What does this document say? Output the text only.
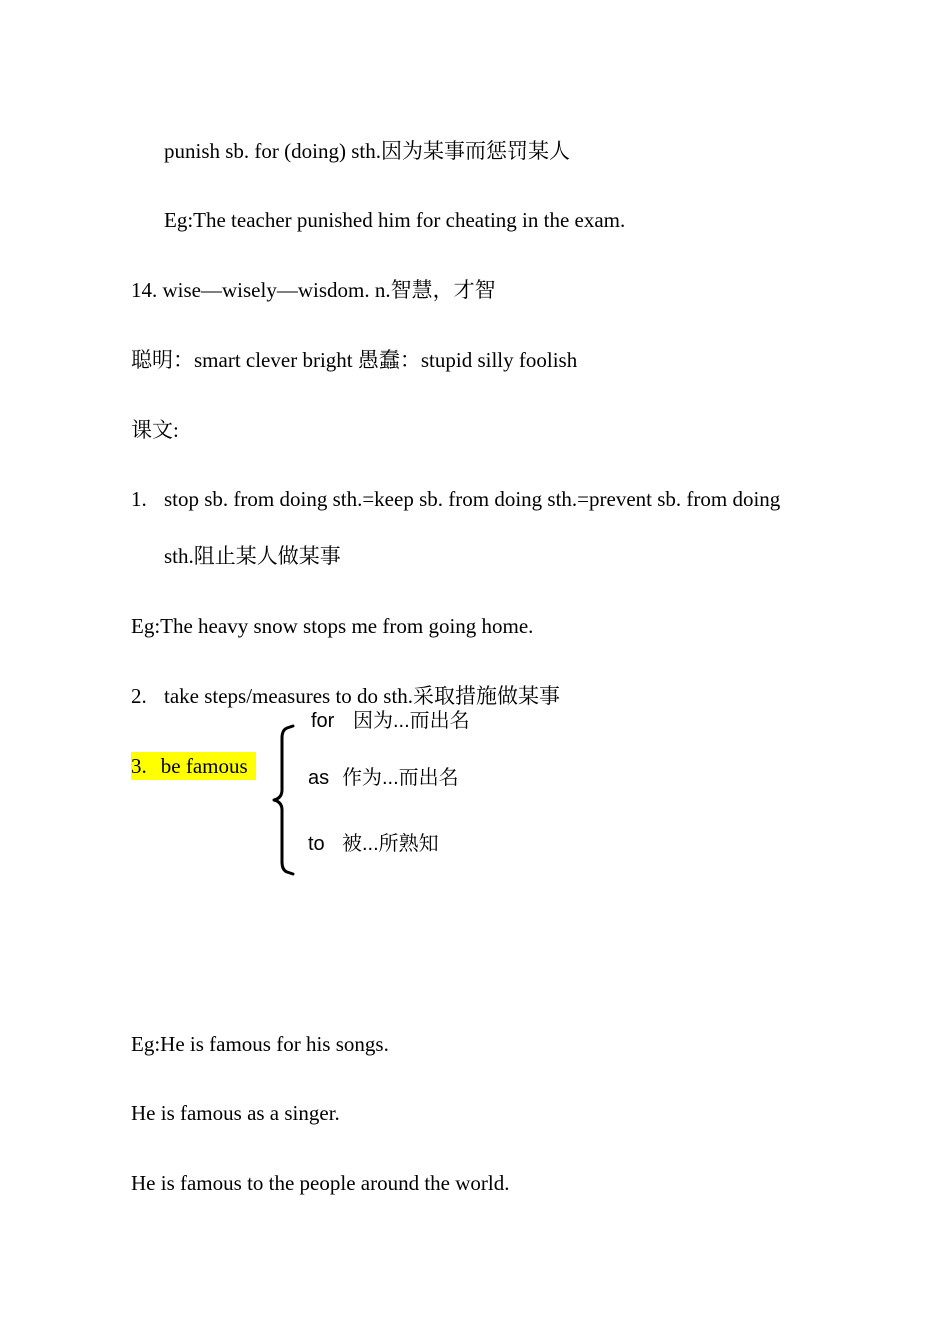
punish sb. for (doing) sth.因为某事而惩罚某人
Eg:The teacher punished him for cheating in the exam.
14. wise—wisely—wisdom. n.智慧，才智
聪明：smart clever bright 愚蠢：stupid silly foolish
课文:
1. stop sb. from doing sth.=keep sb. from doing sth.=prevent sb. from doing
sth.阻止某人做某事
Eg:The heavy snow stops me from going home.
2. take steps/measures to do sth.采取措施做某事
3. be famous
for 因为...而出名
as 作为...而出名
to 被...所熟知
Eg:He is famous for his songs.
He is famous as a singer.
He is famous to the people around the world.
